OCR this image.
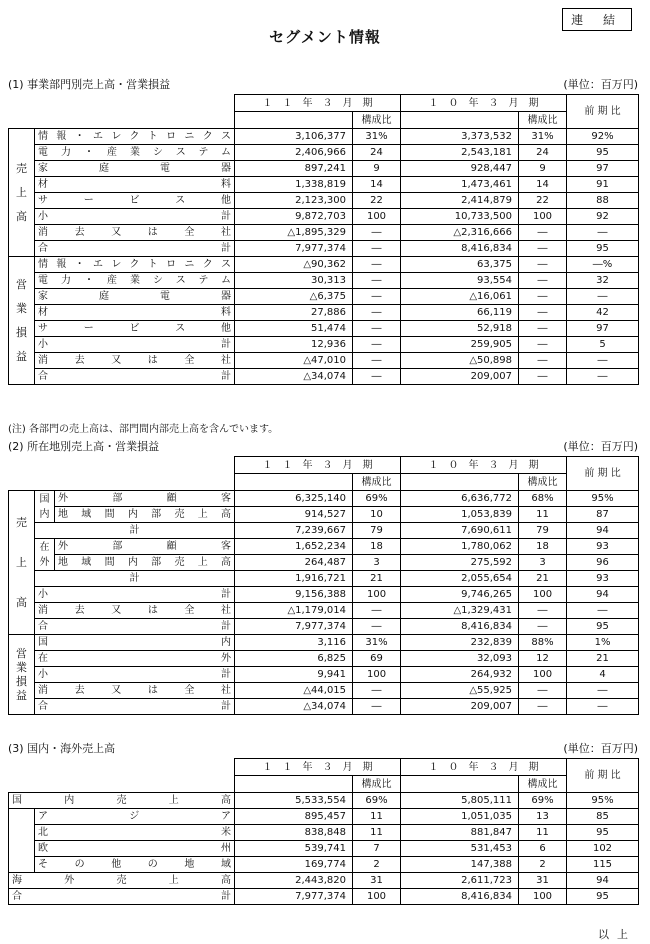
連 結
セグメント情報
(1) 事業部門別売上高・営業損益	(単位：百万円)
		１　１　年　３　月　期		１　０　年　３　月　期		前 期 比
			構成比		構成比	
売上高	情報・エレクトロニクス	3,106,377	31%	3,373,532	31%	92%
	電力・産業システム	2,406,966	24	2,543,181	24	95
	家庭電器	897,241	9	928,447	9	97
	材料	1,338,819	14	1,473,461	14	91
	サービス他	2,123,300	22	2,414,879	22	88
	小計	9,872,703	100	10,733,500	100	92
	消去又は全社	△1,895,329	―	△2,316,666	―	―
	合計	7,977,374	―	8,416,834	―	95
営業損益	情報・エレクトロニクス	△90,362	―	63,375	―	―%
	電力・産業システム	30,313	―	93,554	―	32
	家庭電器	△6,375	―	△16,061	―	―
	材料	27,886	―	66,119	―	42
	サービス他	51,474	―	52,918	―	97
	小計	12,936	―	259,905	―	5
	消去又は全社	△47,010	―	△50,898	―	―
	合計	△34,074	―	209,007	―	―
(注) 各部門の売上高は、部門間内部売上高を含んでいます。
(2) 所在地別売上高・営業損益	(単位：百万円)
			１　１　年　３　月　期		１　０　年　３　月　期		前 期 比
				構成比		構成比	
売上高	国内	外部顧客	6,325,140	69%	6,636,772	68%	95%
		地域間内部売上高	914,527	10	1,053,839	11	87
	計		7,239,667	79	7,690,611	79	94
	在外	外部顧客	1,652,234	18	1,780,062	18	93
		地域間内部売上高	264,487	3	275,592	3	96
	計		1,916,721	21	2,055,654	21	93
	小計		9,156,388	100	9,746,265	100	94
	消去又は全社		△1,179,014	―	△1,329,431	―	―
	合計		7,977,374	―	8,416,834	―	95
営業損益	国内		3,116	31%	232,839	88%	1%
	在外		6,825	69	32,093	12	21
	小計		9,941	100	264,932	100	4
	消去又は全社		△44,015	―	△55,925	―	―
	合計		△34,074	―	209,007	―	―
(3) 国内・海外売上高	(単位：百万円)
		１　１　年　３　月　期		１　０　年　３　月　期		前 期 比
			構成比		構成比	
国内売上高		5,533,554	69%	5,805,111	69%	95%
	アジア	895,457	11	1,051,035	13	85
	北米	838,848	11	881,847	11	95
	欧州	539,741	7	531,453	6	102
	その他の地域	169,774	2	147,388	2	115
海外売上高		2,443,820	31	2,611,723	31	94
合計		7,977,374	100	8,416,834	100	95
以上
